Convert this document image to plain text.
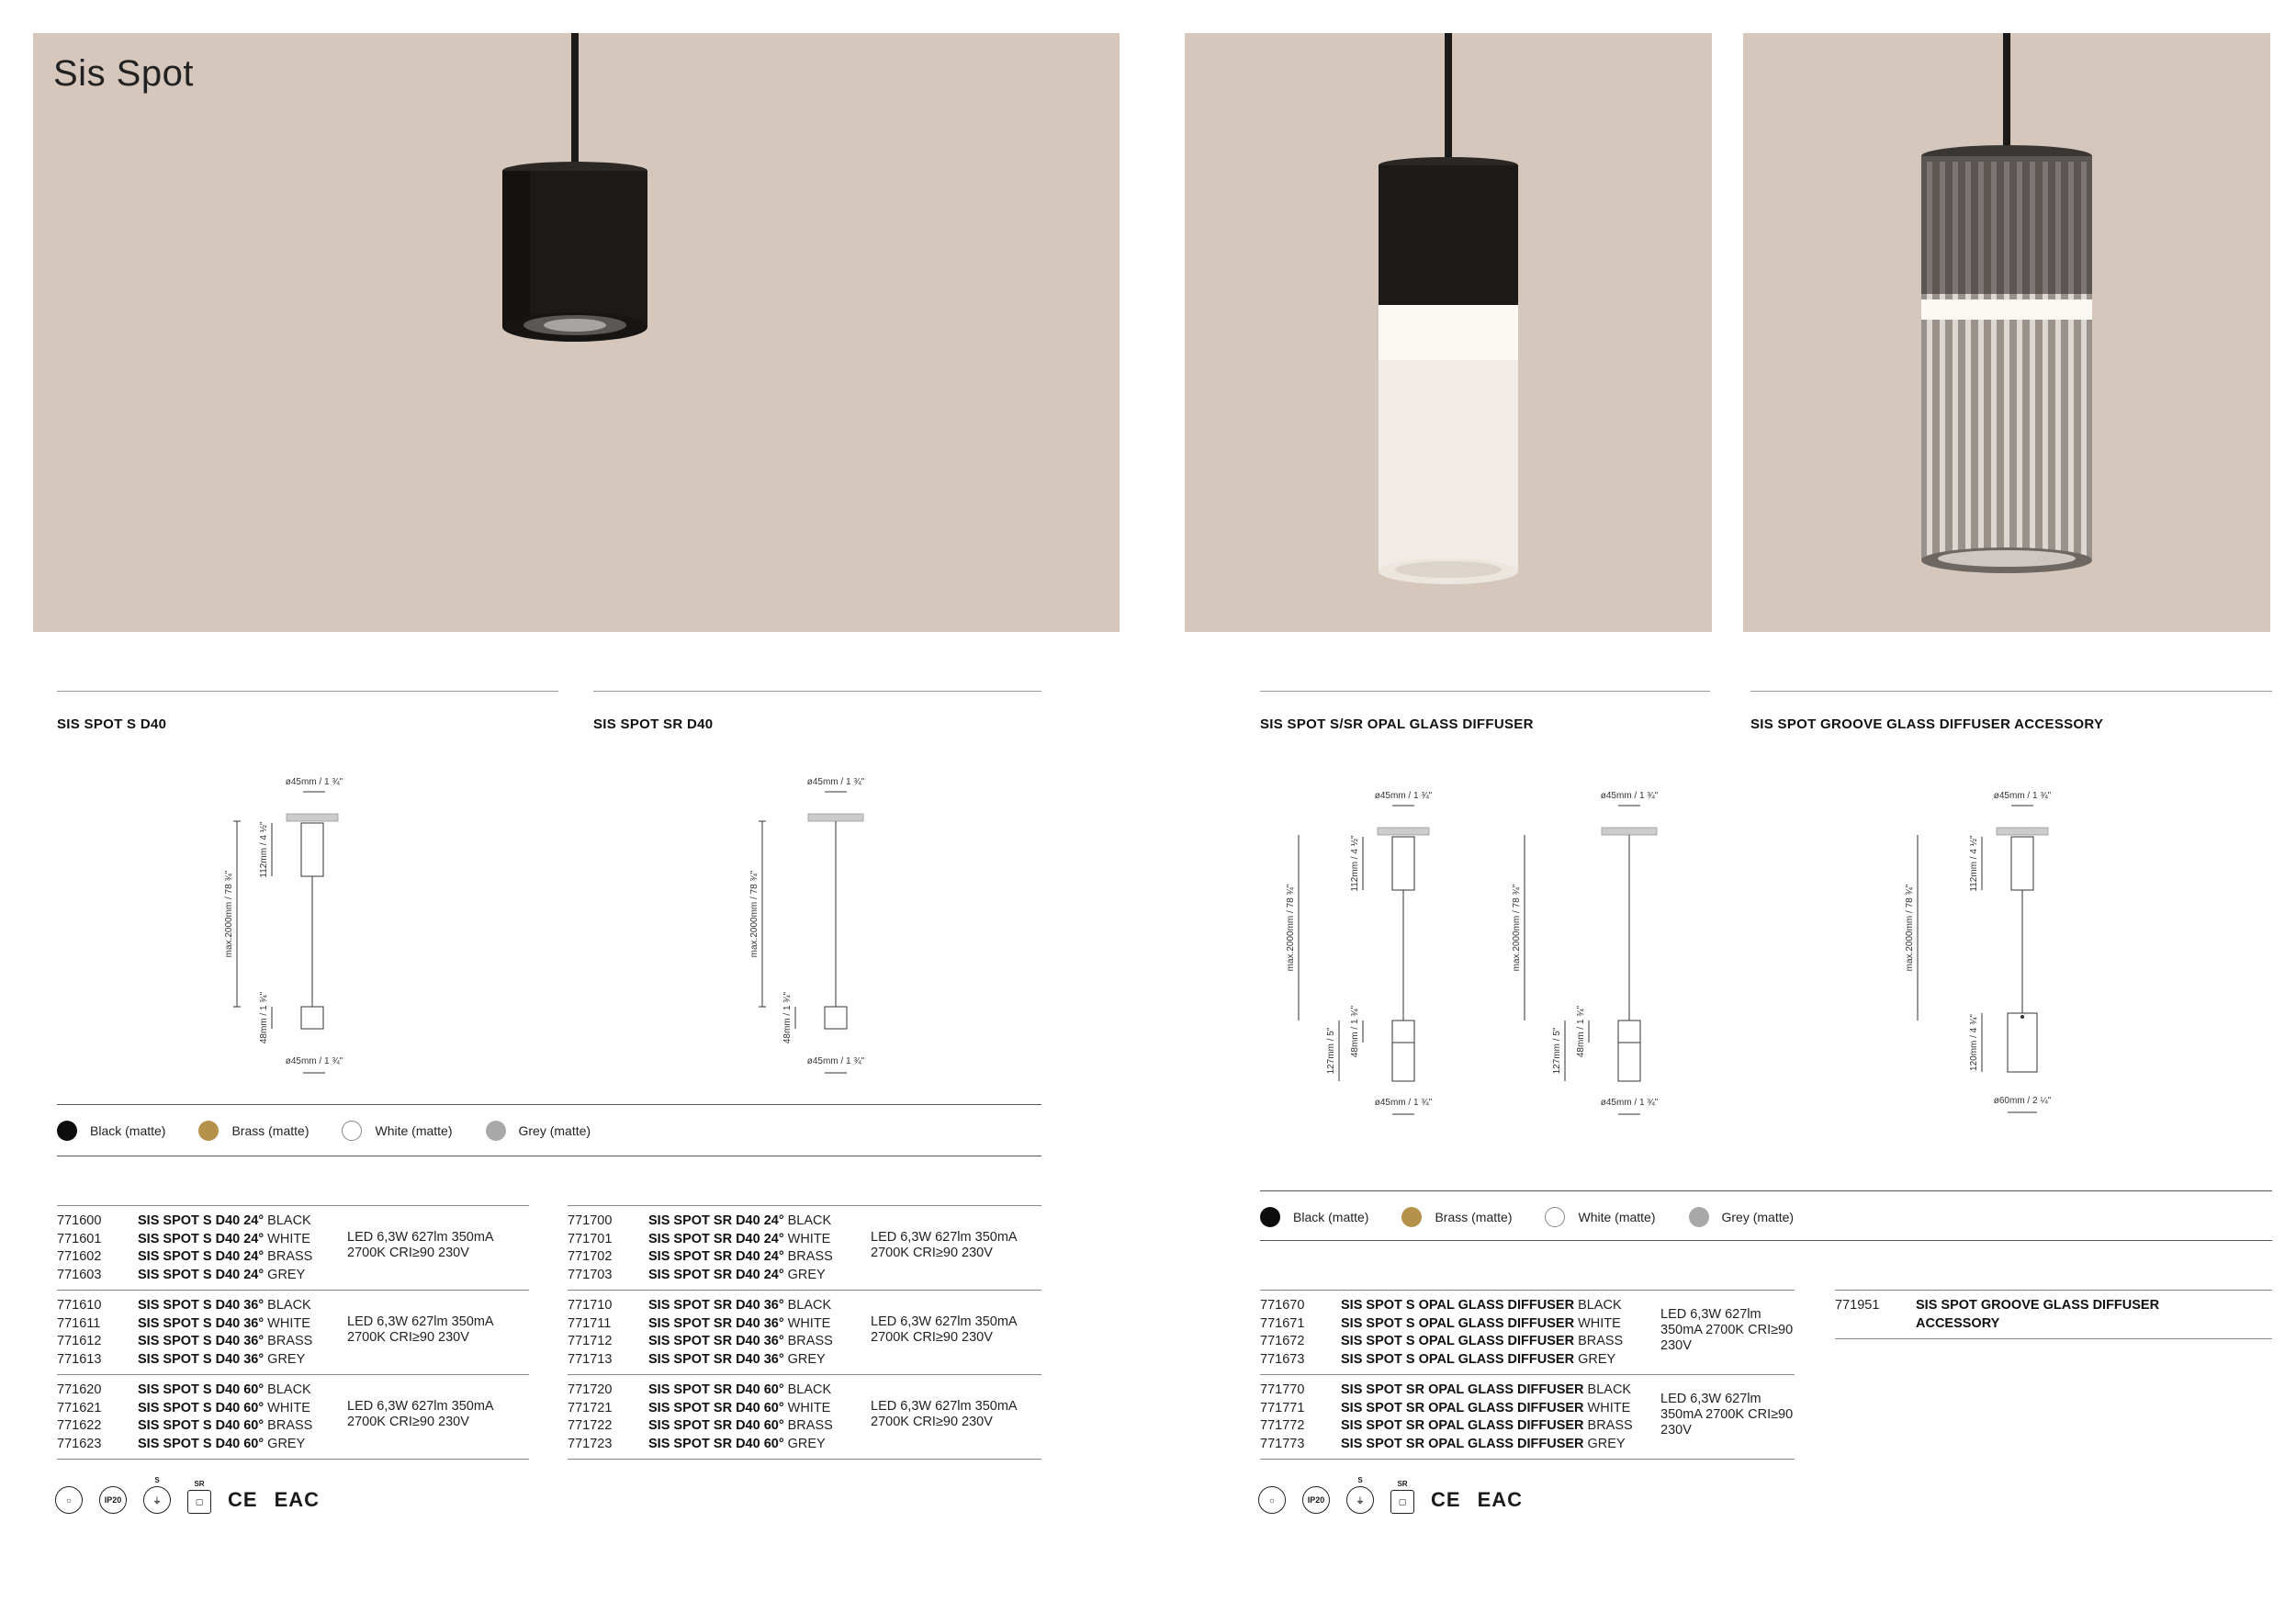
Sis Spot
SIS SPOT S D40	SIS SPOT SR D40	SIS SPOT S/SR OPAL GLASS DIFFUSER	SIS SPOT GROOVE GLASS DIFFUSER ACCESSORY
ø45mm / 1 ¾"
max.2000mm / 78 ¾"
112mm / 4 ½"
48mm / 1 ¾"
ø45mm / 1 ¾"
ø45mm / 1 ¾"
max.2000mm / 78 ¾"
48mm / 1 ¾"
ø45mm / 1 ¾"
ø45mm / 1 ¾"
max.2000mm / 78 ¾"
112mm / 4 ½"
48mm / 1 ¾"
127mm / 5"
ø45mm / 1 ¾"
ø45mm / 1 ¾"
max.2000mm / 78 ¾"
48mm / 1 ¾"
127mm / 5"
ø45mm / 1 ¾"
ø45mm / 1 ¾"
max.2000mm / 78 ¾"
112mm / 4 ½"
120mm / 4 ¾"
ø60mm / 2 ¼"
Black (matte)	Brass (matte)	White (matte)	Grey (matte)
Black (matte)	Brass (matte)	White (matte)	Grey (matte)
771600	SIS SPOT S D40 24° BLACK
771601	SIS SPOT S D40 24° WHITE
771602	SIS SPOT S D40 24° BRASS
771603	SIS SPOT S D40 24° GREY
LED 6,3W 627lm 350mA 2700K CRI≥90 230V
771610	SIS SPOT S D40 36° BLACK
771611	SIS SPOT S D40 36° WHITE
771612	SIS SPOT S D40 36° BRASS
771613	SIS SPOT S D40 36° GREY
LED 6,3W 627lm 350mA 2700K CRI≥90 230V
771620	SIS SPOT S D40 60° BLACK
771621	SIS SPOT S D40 60° WHITE
771622	SIS SPOT S D40 60° BRASS
771623	SIS SPOT S D40 60° GREY
LED 6,3W 627lm 350mA 2700K CRI≥90 230V
771700	SIS SPOT SR D40 24° BLACK
771701	SIS SPOT SR D40 24° WHITE
771702	SIS SPOT SR D40 24° BRASS
771703	SIS SPOT SR D40 24° GREY
LED 6,3W 627lm 350mA 2700K CRI≥90 230V
771710	SIS SPOT SR D40 36° BLACK
771711	SIS SPOT SR D40 36° WHITE
771712	SIS SPOT SR D40 36° BRASS
771713	SIS SPOT SR D40 36° GREY
LED 6,3W 627lm 350mA 2700K CRI≥90 230V
771720	SIS SPOT SR D40 60° BLACK
771721	SIS SPOT SR D40 60° WHITE
771722	SIS SPOT SR D40 60° BRASS
771723	SIS SPOT SR D40 60° GREY
LED 6,3W 627lm 350mA 2700K CRI≥90 230V
771670	SIS SPOT S OPAL GLASS DIFFUSER BLACK
771671	SIS SPOT S OPAL GLASS DIFFUSER WHITE
771672	SIS SPOT S OPAL GLASS DIFFUSER BRASS
771673	SIS SPOT S OPAL GLASS DIFFUSER GREY
LED 6,3W 627lm 350mA 2700K CRI≥90 230V
771770	SIS SPOT SR OPAL GLASS DIFFUSER BLACK
771771	SIS SPOT SR OPAL GLASS DIFFUSER WHITE
771772	SIS SPOT SR OPAL GLASS DIFFUSER BRASS
771773	SIS SPOT SR OPAL GLASS DIFFUSER GREY
LED 6,3W 627lm 350mA 2700K CRI≥90 230V
771951	SIS SPOT GROOVE GLASS DIFFUSER ACCESSORY
☼	IP20
S
⏚
SR
▢	CE EAC	☼	IP20
S
⏚
SR
▢	CE EAC
